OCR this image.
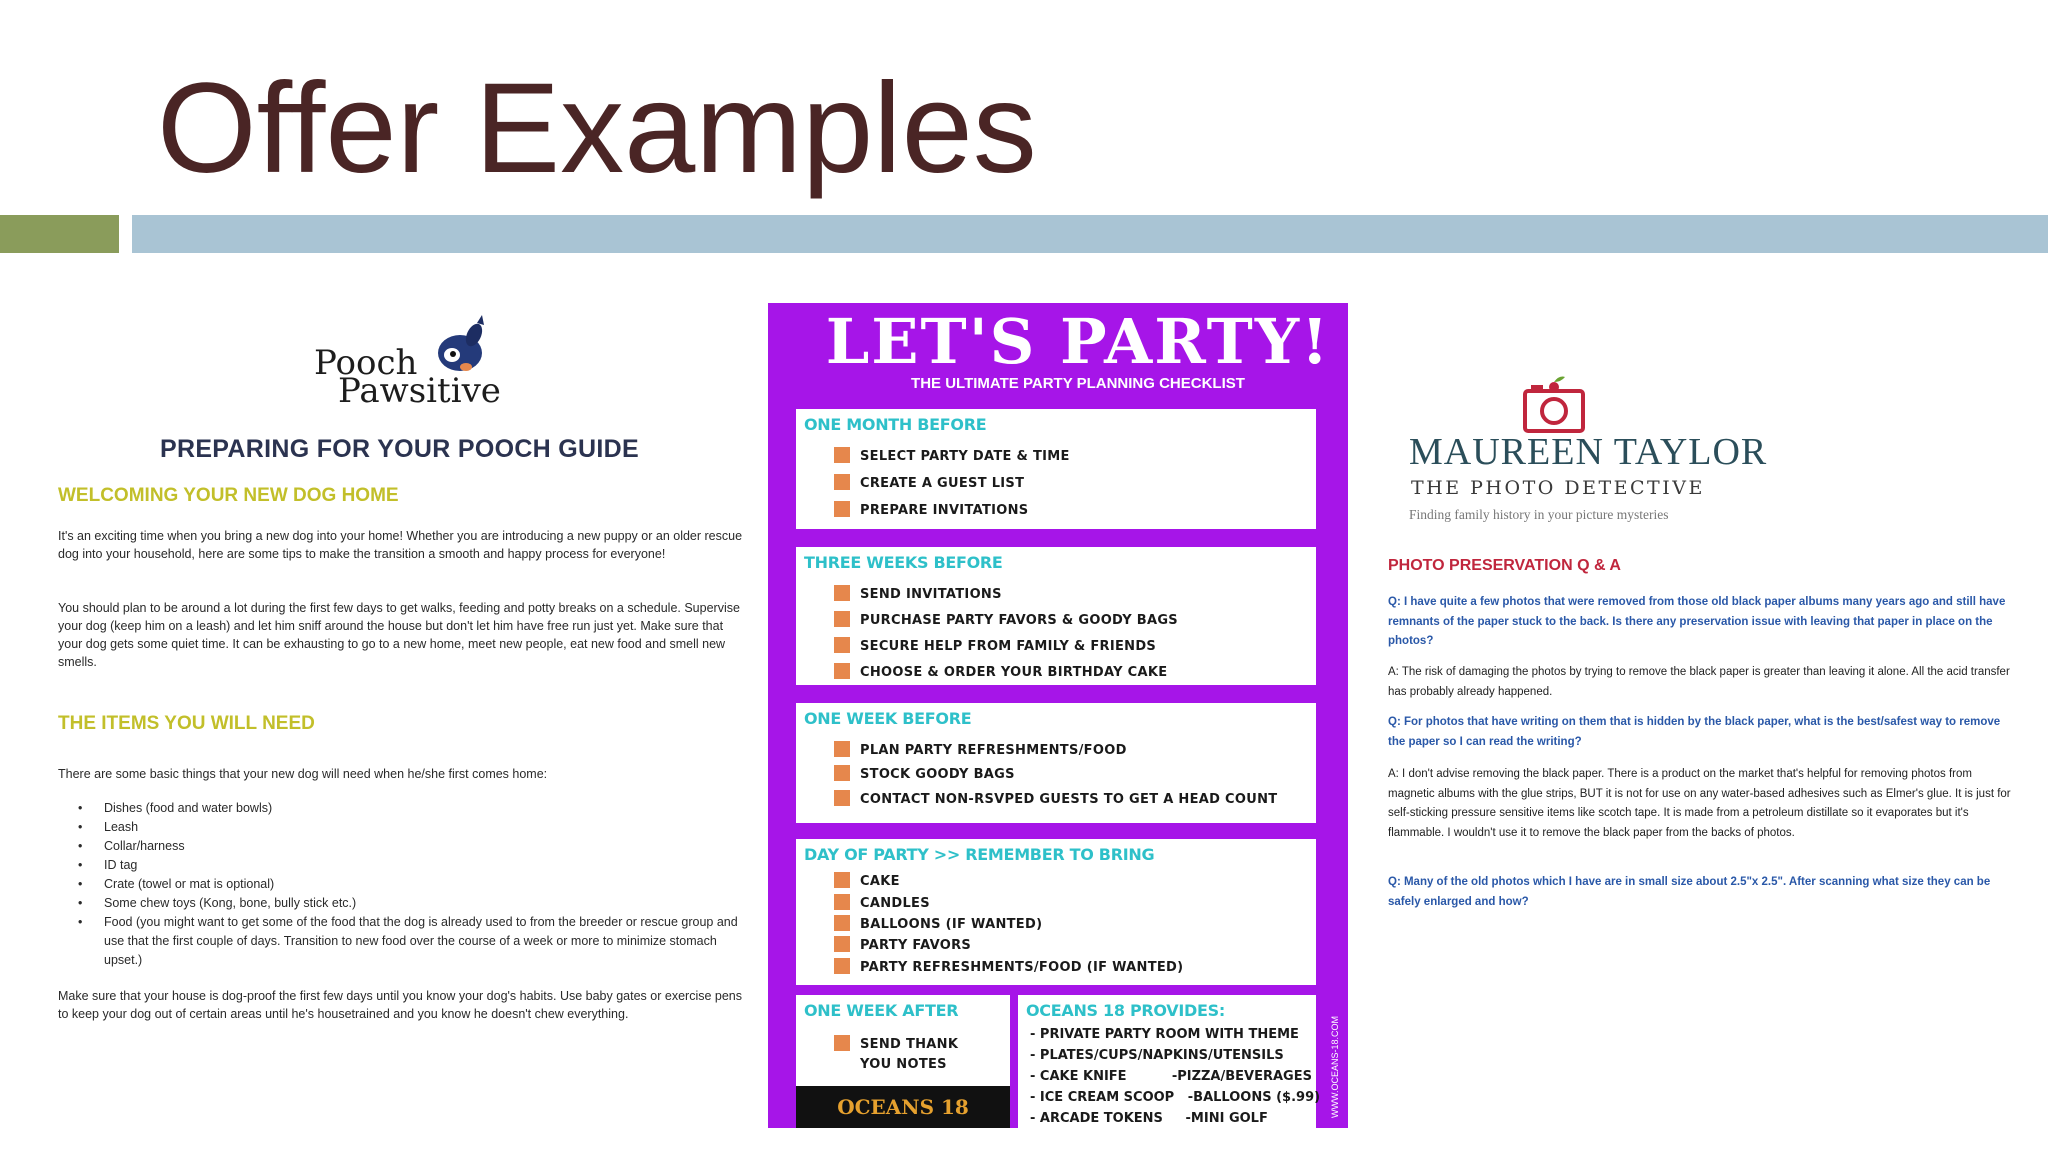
Offer Examples
Pooch
Pawsitive
PREPARING FOR YOUR POOCH GUIDE
WELCOMING YOUR NEW DOG HOME

It's an exciting time when you bring a new dog into your home! Whether you are introducing a new puppy or an older rescue dog into your household, here are some tips to make the transition a smooth and happy process for everyone!

You should plan to be around a lot during the first few days to get walks, feeding and potty breaks on a schedule. Supervise your dog (keep him on a leash) and let him sniff around the house but don't let him have free run just yet. Make sure that your dog gets some quiet time. It can be exhausting to go to a new home, meet new people, eat new food and smell new smells.

THE ITEMS YOU WILL NEED

There are some basic things that your new dog will need when he/she first comes home:

• Dishes (food and water bowls)
• Leash
• Collar/harness
• ID tag
• Crate (towel or mat is optional)
• Some chew toys (Kong, bone, bully stick etc.)
• Food (you might want to get some of the food that the dog is already used to from the breeder or rescue group and use that the first couple of days. Transition to new food over the course of a week or more to minimize stomach upset.)

Make sure that your house is dog-proof the first few days until you know your dog's habits. Use baby gates or exercise pens to keep your dog out of certain areas until he's housetrained and you know he doesn't chew everything.

LET'S PARTY!
THE ULTIMATE PARTY PLANNING CHECKLIST
ONE MONTH BEFORE
SELECT PARTY DATE & TIME
CREATE A GUEST LIST
PREPARE INVITATIONS
THREE WEEKS BEFORE
SEND INVITATIONS
PURCHASE PARTY FAVORS & GOODY BAGS
SECURE HELP FROM FAMILY & FRIENDS
CHOOSE & ORDER YOUR BIRTHDAY CAKE
ONE WEEK BEFORE
PLAN PARTY REFRESHMENTS/FOOD
STOCK GOODY BAGS
CONTACT NON-RSVPED GUESTS TO GET A HEAD COUNT
DAY OF PARTY >> REMEMBER TO BRING
CAKE
CANDLES
BALLOONS (IF WANTED)
PARTY FAVORS
PARTY REFRESHMENTS/FOOD (IF WANTED)
ONE WEEK AFTER
SEND THANK
YOU NOTES
OCEANS 18
OCEANS 18 PROVIDES:
- PRIVATE PARTY ROOM WITH THEME
- PLATES/CUPS/NAPKINS/UTENSILS
- CAKE KNIFE          -PIZZA/BEVERAGES
- ICE CREAM SCOOP   -BALLOONS ($.99)
- ARCADE TOKENS     -MINI GOLF
WWW.OCEANS-18.COM
MAUREEN TAYLOR
THE PHOTO DETECTIVE
Finding family history in your picture mysteries
PHOTO PRESERVATION Q & A

Q: I have quite a few photos that were removed from those old black paper albums many years ago and still have remnants of the paper stuck to the back. Is there any preservation issue with leaving that paper in place on the photos?

A: The risk of damaging the photos by trying to remove the black paper is greater than leaving it alone. All the acid transfer has probably already happened.

Q: For photos that have writing on them that is hidden by the black paper, what is the best/safest way to remove the paper so I can read the writing?

A: I don't advise removing the black paper. There is a product on the market that's helpful for removing photos from magnetic albums with the glue strips, BUT it is not for use on any water-based adhesives such as Elmer's glue. It is just for self-sticking pressure sensitive items like scotch tape. It is made from a petroleum distillate so it evaporates but it's flammable. I wouldn't use it to remove the black paper from the backs of photos.

Q: Many of the old photos which I have are in small size about 2.5"x 2.5". After scanning what size they can be safely enlarged and how?
